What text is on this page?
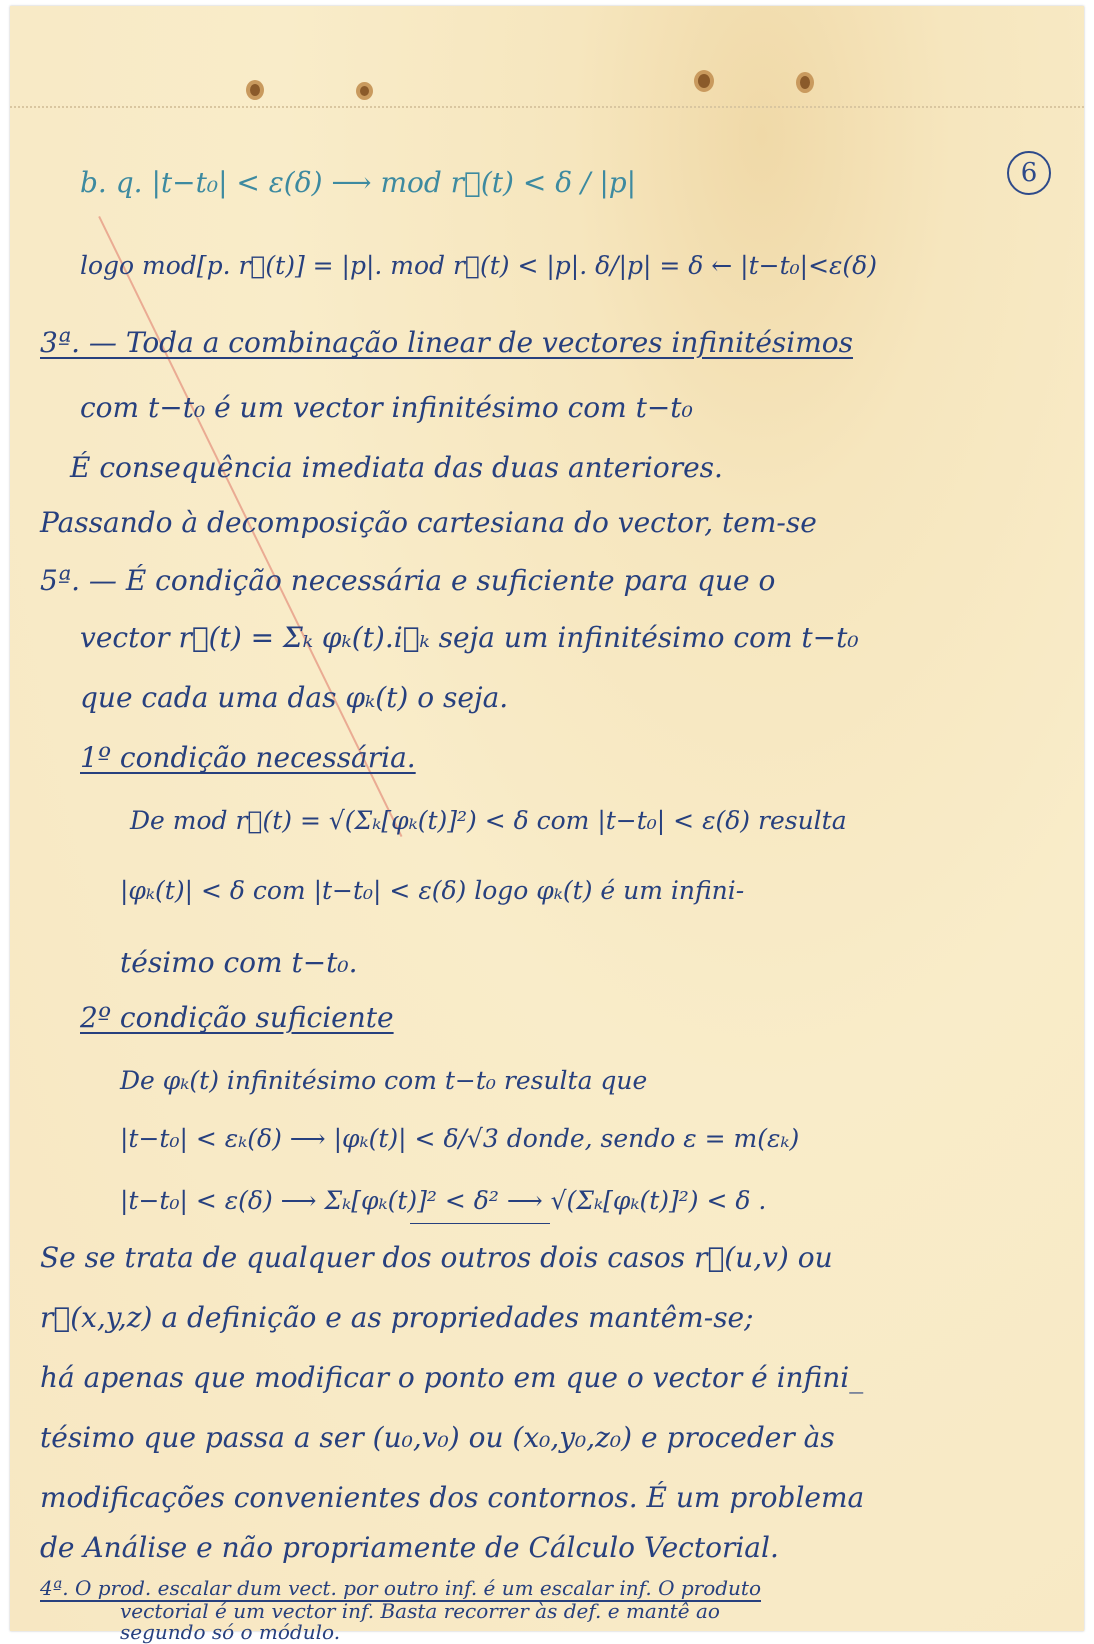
6
b. q. |t−t₀| < ε(δ) ⟶ mod r⃗(t) < δ / |p|
logo mod[p. r⃗(t)] = |p|. mod r⃗(t) < |p|. δ/|p| = δ ← |t−t₀|<ε(δ)
3ª. — Toda a combinação linear de vectores infinitésimos
com t−t₀ é um vector infinitésimo com t−t₀
É consequência imediata das duas anteriores.
Passando à decomposição cartesiana do vector, tem-se
5ª. — É condição necessária e suficiente para que o
vector r⃗(t) = Σₖ φₖ(t).i⃗ₖ seja um infinitésimo com t−t₀
que cada uma das φₖ(t) o seja.
1º condição necessária.
De mod r⃗(t) = √(Σₖ[φₖ(t)]²) < δ com |t−t₀| < ε(δ) resulta
|φₖ(t)| < δ com |t−t₀| < ε(δ) logo φₖ(t) é um infini-
tésimo com t−t₀.
2º condição suficiente
De φₖ(t) infinitésimo com t−t₀ resulta que
|t−t₀| < εₖ(δ) ⟶ |φₖ(t)| < δ/√3 donde, sendo ε = m(εₖ)
|t−t₀| < ε(δ) ⟶ Σₖ[φₖ(t)]² < δ² ⟶ √(Σₖ[φₖ(t)]²) < δ .
Se se trata de qualquer dos outros dois casos r⃗(u,v) ou
r⃗(x,y,z) a definição e as propriedades mantêm-se;
há apenas que modificar o ponto em que o vector é infini_
tésimo que passa a ser (u₀,v₀) ou (x₀,y₀,z₀) e proceder às
modificações convenientes dos contornos. É um problema
de Análise e não propriamente de Cálculo Vectorial.
4ª. O prod. escalar dum vect. por outro inf. é um escalar inf. O produto
vectorial é um vector inf. Basta recorrer às def. e mantê ao
segundo só o módulo.
